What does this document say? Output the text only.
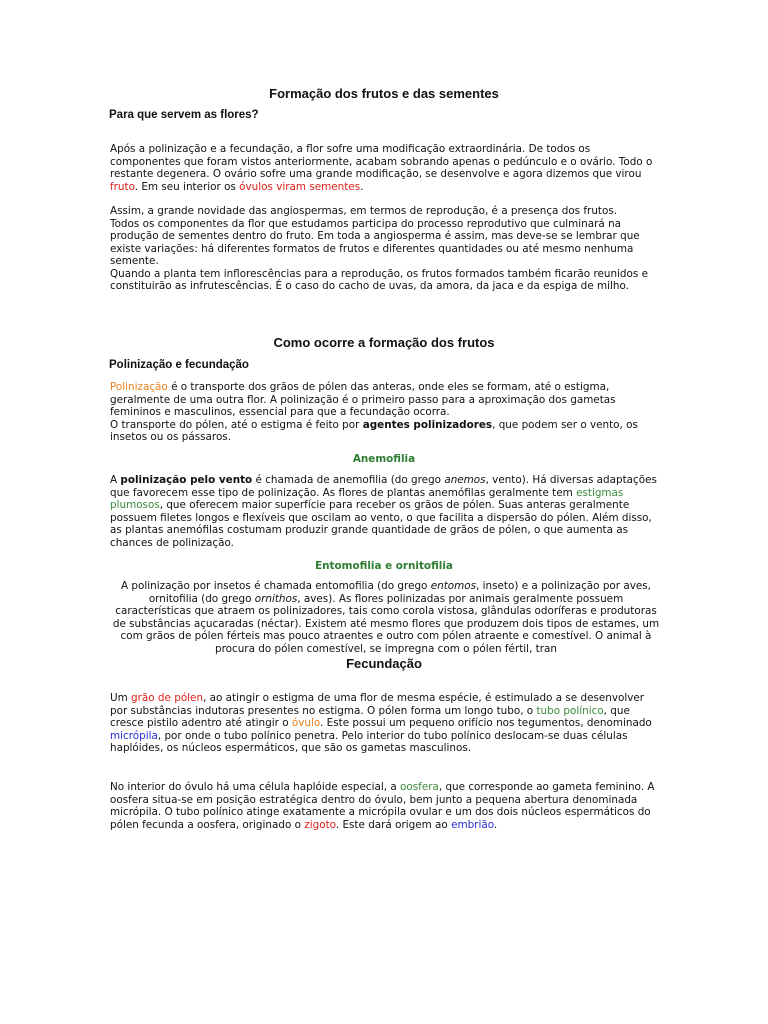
Formação dos frutos e das sementes
Para que servem as flores?
Após a polinização e a fecundação, a flor sofre uma modificação extraordinária. De todos os componentes que foram vistos anteriormente, acabam sobrando apenas o pedúnculo e o ovário. Todo o restante degenera. O ovário sofre uma grande modificação, se desenvolve e agora dizemos que virou fruto. Em seu interior os óvulos viram sementes.
Assim, a grande novidade das angiospermas, em termos de reprodução, é a presença dos frutos.
Todos os componentes da flor que estudamos participa do processo reprodutivo que culminará na produção de sementes dentro do fruto. Em toda a angiosperma é assim, mas deve-se se lembrar que existe variações: há diferentes formatos de frutos e diferentes quantidades ou até mesmo nenhuma semente.
Quando a planta tem inflorescências para a reprodução, os frutos formados também ficarão reunidos e constituirão as infrutescências. É o caso do cacho de uvas, da amora, da jaca e da espiga de milho.
Como ocorre a formação dos frutos
Polinização e fecundação
Polinização é o transporte dos grãos de pólen das anteras, onde eles se formam, até o estigma, geralmente de uma outra flor. A polinização é o primeiro passo para a aproximação dos gametas femininos e masculinos, essencial para que a fecundação ocorra.
O transporte do pólen, até o estigma é feito por agentes polinizadores, que podem ser o vento, os insetos ou os pássaros.
Anemofilia
A polinização pelo vento é chamada de anemofilia (do grego anemos, vento). Há diversas adaptações que favorecem esse tipo de polinização. As flores de plantas anemófilas geralmente tem estigmas plumosos, que oferecem maior superfície para receber os grãos de pólen. Suas anteras geralmente possuem filetes longos e flexíveis que oscilam ao vento, o que facilita a dispersão do pólen. Além disso, as plantas anemófilas costumam produzir grande quantidade de grãos de pólen, o que aumenta as chances de polinização.
Entomofilia e ornitofilia
A polinização por insetos é chamada entomofilia (do grego entomos, inseto) e a polinização por aves, ornitofilia (do grego ornithos, aves). As flores polinizadas por animais geralmente possuem características que atraem os polinizadores, tais como corola vistosa, glândulas odoríferas e produtoras de substâncias açucaradas (néctar). Existem até mesmo flores que produzem dois tipos de estames, um com grãos de pólen férteis mas pouco atraentes e outro com pólen atraente e comestível. O animal à procura do pólen comestível, se impregna com o pólen fértil, tran
Fecundação
Um grão de pólen, ao atingir o estigma de uma flor de mesma espécie, é estimulado a se desenvolver por substâncias indutoras presentes no estigma. O pólen forma um longo tubo, o tubo polínico, que cresce pistilo adentro até atingir o óvulo. Este possui um pequeno orifício nos tegumentos, denominado micrópila, por onde o tubo polínico penetra. Pelo interior do tubo polínico deslocam-se duas células haplóides, os núcleos espermáticos, que são os gametas masculinos.
No interior do óvulo há uma célula haplóide especial, a oosfera, que corresponde ao gameta feminino. A oosfera situa-se em posição estratégica dentro do óvulo, bem junto a pequena abertura denominada micrópila. O tubo polínico atinge exatamente a micrópila ovular e um dos dois núcleos espermáticos do pólen fecunda a oosfera, originado o zigoto. Este dará origem ao embrião.
